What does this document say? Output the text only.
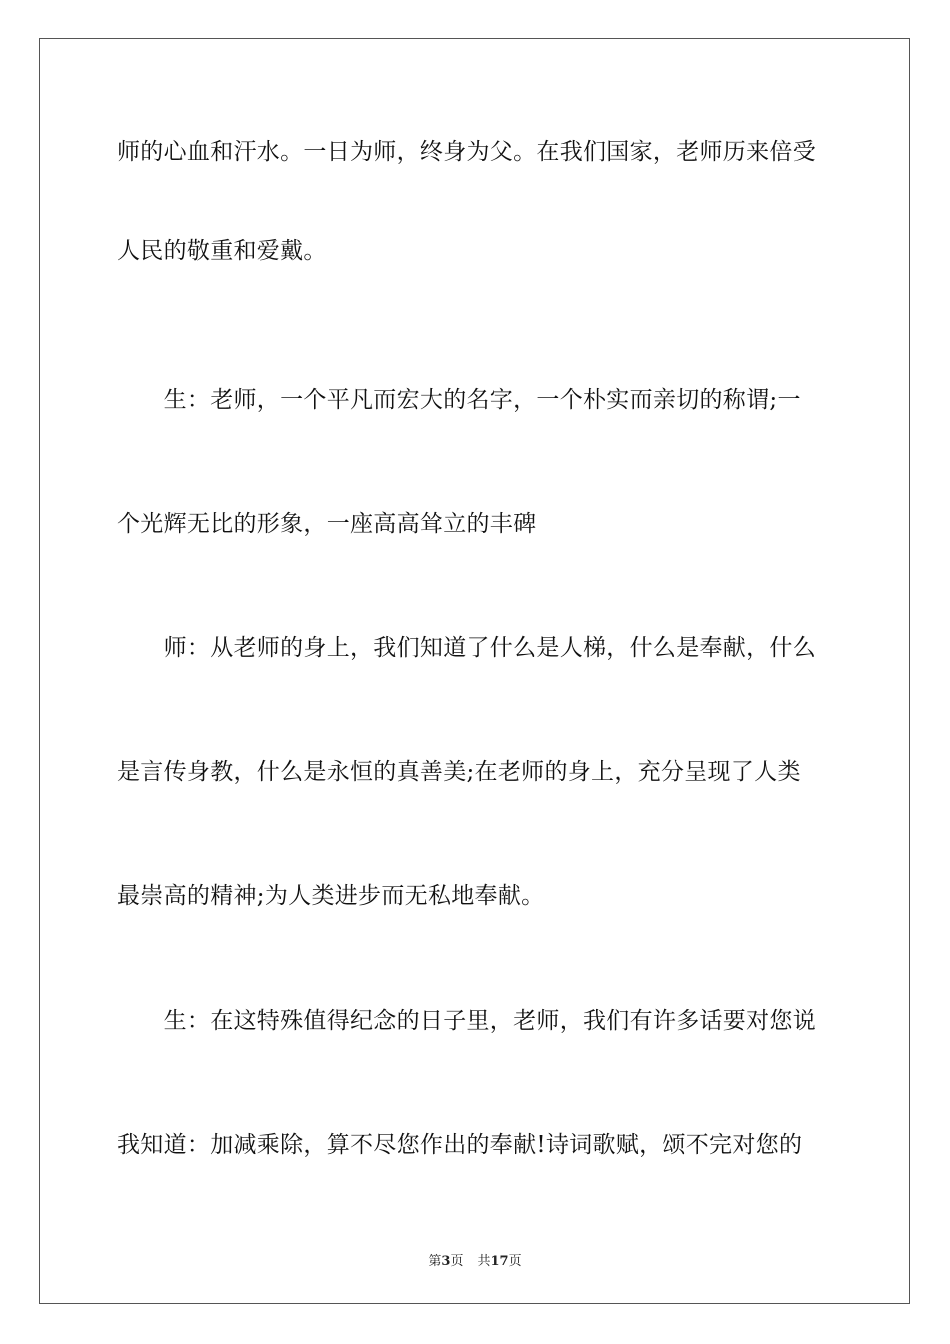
师的心血和汗水。一日为师，终身为父。在我们国家，老师历来倍受
人民的敬重和爱戴。
　　生：老师，一个平凡而宏大的名字，一个朴实而亲切的称谓;一
个光辉无比的形象，一座高高耸立的丰碑
　　师：从老师的身上，我们知道了什么是人梯，什么是奉献，什么
是言传身教，什么是永恒的真善美;在老师的身上，充分呈现了人类
最崇高的精神;为人类进步而无私地奉献。
　　生：在这特殊值得纪念的日子里，老师，我们有许多话要对您说
我知道：加减乘除，算不尽您作出的奉献!诗词歌赋，颂不完对您的
第3页 共17页
